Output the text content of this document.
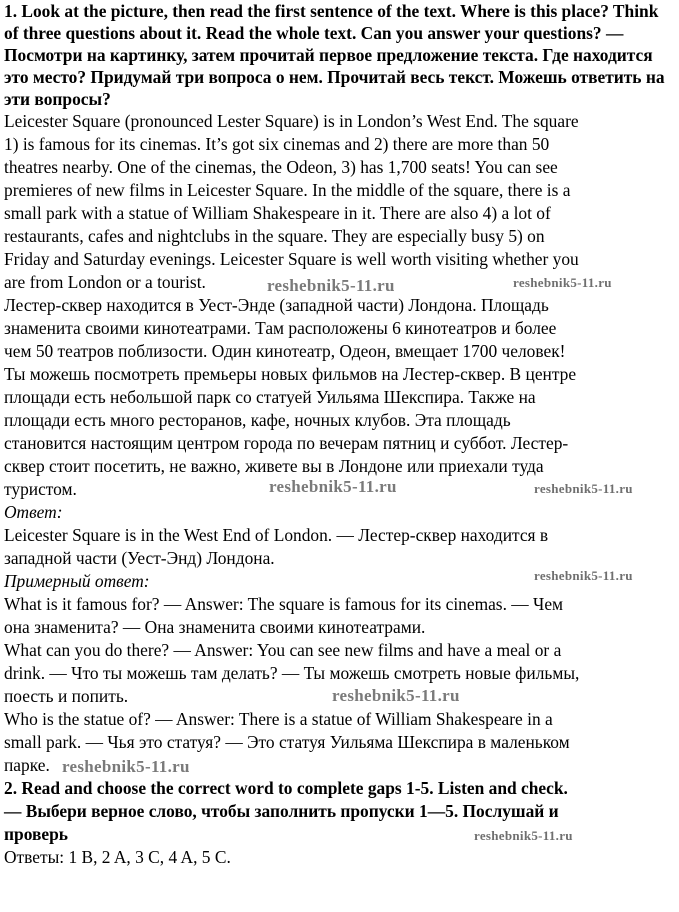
1. Look at the picture, then read the first sentence of the text. Where is this place? Think of three questions about it. Read the whole text. Can you answer your questions? — Посмотри на картинку, затем прочитай первое предложение текста. Где находится это место? Придумай три вопроса о нем. Прочитай весь текст. Можешь ответить на эти вопросы?

Leicester Square (pronounced Lester Square) is in London’s West End. The square
1) is famous for its cinemas. It’s got six cinemas and 2) there are more than 50
theatres nearby. One of the cinemas, the Odeon, 3) has 1,700 seats! You can see
premieres of new films in Leicester Square. In the middle of the square, there is a
small park with a statue of William Shakespeare in it. There are also 4) a lot of
restaurants, cafes and nightclubs in the square. They are especially busy 5) on
Friday and Saturday evenings. Leicester Square is well worth visiting whether you
are from London or a tourist.

Лестер-сквер находится в Уест-Энде (западной части) Лондона. Площадь
знаменита своими кинотеатрами. Там расположены 6 кинотеатров и более
чем 50 театров поблизости. Один кинотеатр, Одеон, вмещает 1700 человек!
Ты можешь посмотреть премьеры новых фильмов на Лестер-сквер. В центре
площади есть небольшой парк со статуей Уильяма Шекспира. Также на
площади есть много ресторанов, кафе, ночных клубов. Эта площадь
становится настоящим центром города по вечерам пятниц и суббот. Лестер-
сквер стоит посетить, не важно, живете вы в Лондоне или приехали туда
туристом.

Ответ:

Leicester Square is in the West End of London. — Лестер-сквер находится в
западной части (Уест-Энд) Лондона.

Примерный ответ:

What is it famous for? — Answer: The square is famous for its cinemas. — Чем
она знаменита? — Она знаменита своими кинотеатрами.

What can you do there? — Answer: You can see new films and have a meal or a
drink. — Что ты можешь там делать? — Ты можешь смотреть новые фильмы,
поесть и попить.

Who is the statue of? — Answer: There is a statue of William Shakespeare in a
small park. — Чья это статуя? — Это статуя Уильяма Шекспира в маленьком
парке.

2. Read and choose the correct word to complete gaps 1-5. Listen and check.
— Выбери верное слово, чтобы заполнить пропуски 1—5. Послушай и
проверь

Ответы: 1 B, 2 A, 3 C, 4 A, 5 C.

reshebnik5-11.ru
reshebnik5-11.ru
reshebnik5-11.ru	reshebnik5-11.ru
reshebnik5-11.ru
reshebnik5-11.ru
reshebnik5-11.ru
reshebnik5-11.ru
